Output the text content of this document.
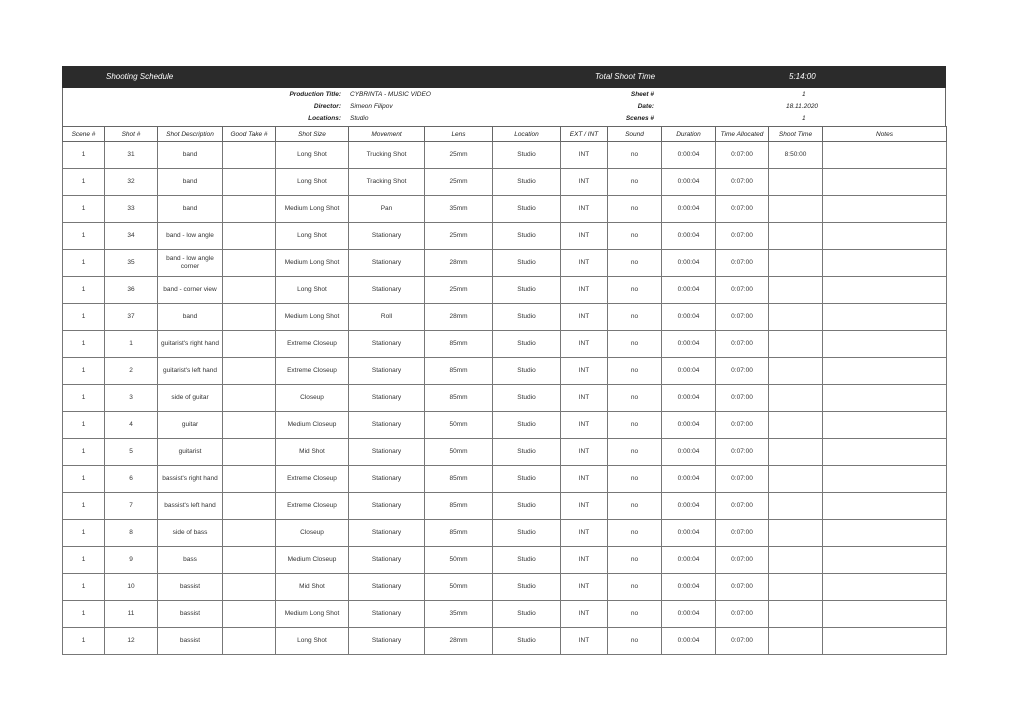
Shooting Schedule	Total Shoot Time	5:14:00
Production Title: CYBRINTA - MUSIC VIDEO
Director: Simeon Filipov
Locations: Studio
Sheet #	1
Date:	18.11.2020
Scenes #	1
Scene #	Shot #	Shot Description	Good Take #	Shot Size	Movement	Lens	Location	EXT / INT	Sound	Duration	Time Allocated	Shoot Time	Notes
1	31	band		Long Shot	Trucking Shot	25mm	Studio	INT	no	0:00:04	0:07:00	8:50:00	
1	32	band		Long Shot	Tracking Shot	25mm	Studio	INT	no	0:00:04	0:07:00		
1	33	band		Medium Long Shot	Pan	35mm	Studio	INT	no	0:00:04	0:07:00		
1	34	band - low angle		Long Shot	Stationary	25mm	Studio	INT	no	0:00:04	0:07:00		
1	35	band - low angle corner		Medium Long Shot	Stationary	28mm	Studio	INT	no	0:00:04	0:07:00		
1	36	band - corner view		Long Shot	Stationary	25mm	Studio	INT	no	0:00:04	0:07:00		
1	37	band		Medium Long Shot	Roll	28mm	Studio	INT	no	0:00:04	0:07:00		
1	1	guitarist's right hand		Extreme Closeup	Stationary	85mm	Studio	INT	no	0:00:04	0:07:00		
1	2	guitarist's left hand		Extreme Closeup	Stationary	85mm	Studio	INT	no	0:00:04	0:07:00		
1	3	side of guitar		Closeup	Stationary	85mm	Studio	INT	no	0:00:04	0:07:00		
1	4	guitar		Medium Closeup	Stationary	50mm	Studio	INT	no	0:00:04	0:07:00		
1	5	guitarist		Mid Shot	Stationary	50mm	Studio	INT	no	0:00:04	0:07:00		
1	6	bassist's right hand		Extreme Closeup	Stationary	85mm	Studio	INT	no	0:00:04	0:07:00		
1	7	bassist's left hand		Extreme Closeup	Stationary	85mm	Studio	INT	no	0:00:04	0:07:00		
1	8	side of bass		Closeup	Stationary	85mm	Studio	INT	no	0:00:04	0:07:00		
1	9	bass		Medium Closeup	Stationary	50mm	Studio	INT	no	0:00:04	0:07:00		
1	10	bassist		Mid Shot	Stationary	50mm	Studio	INT	no	0:00:04	0:07:00		
1	11	bassist		Medium Long Shot	Stationary	35mm	Studio	INT	no	0:00:04	0:07:00		
1	12	bassist		Long Shot	Stationary	28mm	Studio	INT	no	0:00:04	0:07:00		
